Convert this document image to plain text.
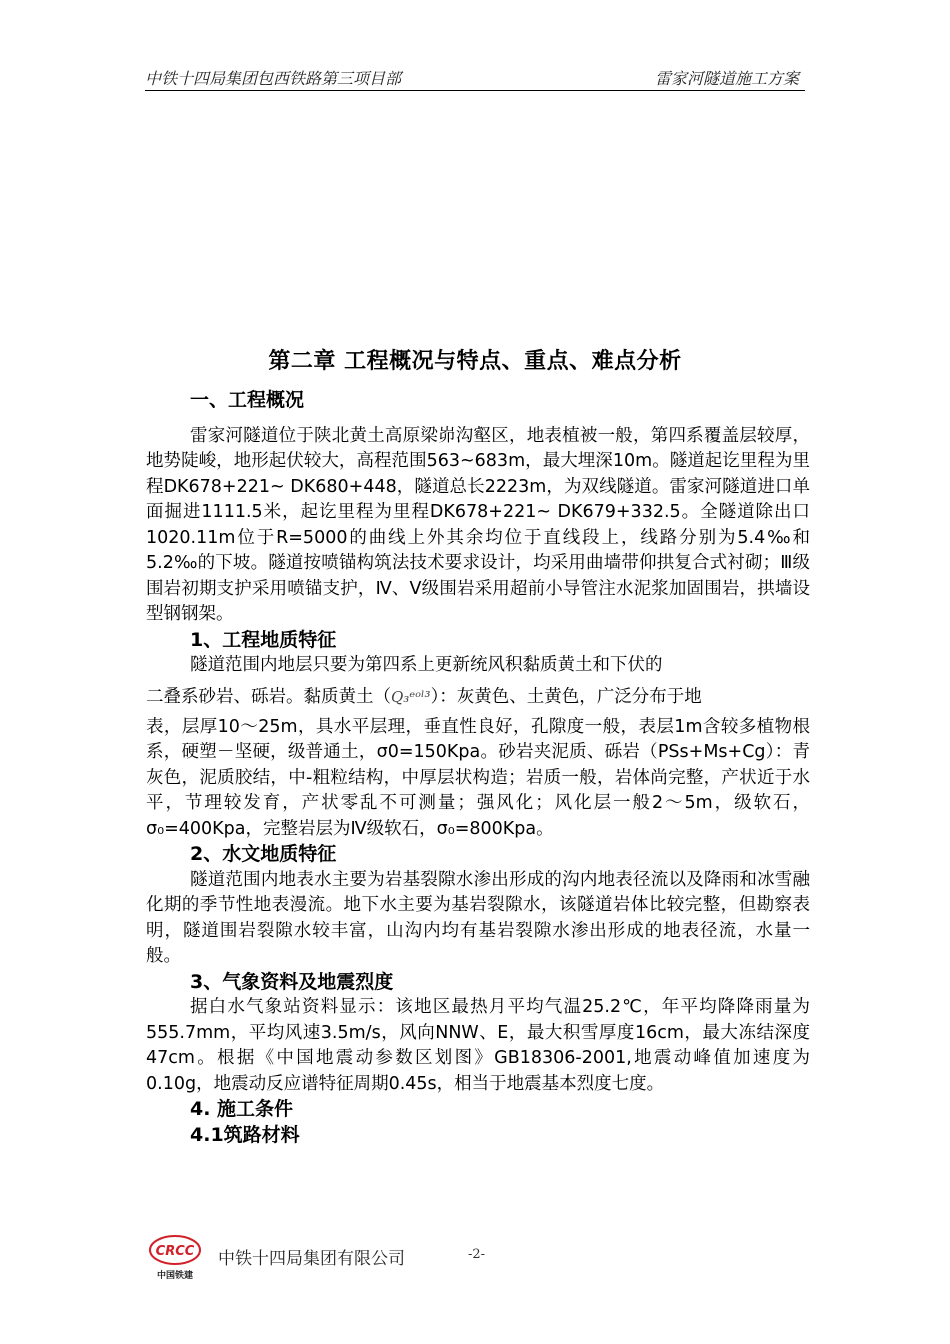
中铁十四局集团包西铁路第三项目部	雷家河隧道施工方案
第二章 工程概况与特点、重点、难点分析
一、工程概况

雷家河隧道位于陕北黄土高原梁峁沟壑区，地表植被一般，第四系覆盖层较厚，地势陡峻，地形起伏较大，高程范围563~683m，最大埋深10m。隧道起讫里程为里程DK678+221~ DK680+448，隧道总长2223m，为双线隧道。雷家河隧道进口单面掘进1111.5米，起讫里程为里程DK678+221~ DK679+332.5。全隧道除出口1020.11m位于R=5000的曲线上外其余均位于直线段上，线路分别为5.4‰和5.2‰的下坡。隧道按喷锚构筑法技术要求设计，均采用曲墙带仰拱复合式衬砌；Ⅲ级围岩初期支护采用喷锚支护，Ⅳ、Ⅴ级围岩采用超前小导管注水泥浆加固围岩，拱墙设型钢钢架。

1、工程地质特征

隧道范围内地层只要为第四系上更新统风积黏质黄土和下伏的

二叠系砂岩、砾岩。黏质黄土（Q₃ᵉᵒˡ³）：灰黄色、土黄色，广泛分布于地

表，层厚10～25m，具水平层理，垂直性良好，孔隙度一般，表层1m含较多植物根系，硬塑－坚硬，级普通土，σ0=150Kpa。砂岩夹泥质、砾岩（PSs+Ms+Cg）：青灰色，泥质胶结，中-粗粒结构，中厚层状构造；岩质一般，岩体尚完整，产状近于水平，节理较发育，产状零乱不可测量；强风化；风化层一般2～5m，级软石，σ₀=400Kpa，完整岩层为Ⅳ级软石，σ₀=800Kpa。

2、水文地质特征

隧道范围内地表水主要为岩基裂隙水渗出形成的沟内地表径流以及降雨和冰雪融化期的季节性地表漫流。地下水主要为基岩裂隙水，该隧道岩体比较完整，但勘察表明，隧道围岩裂隙水较丰富，山沟内均有基岩裂隙水渗出形成的地表径流，水量一般。

3、气象资料及地震烈度

据白水气象站资料显示：该地区最热月平均气温25.2℃，年平均降降雨量为555.7mm，平均风速3.5m/s，风向NNW、E，最大积雪厚度16cm，最大冻结深度47cm。根据《中国地震动参数区划图》GB18306-2001,地震动峰值加速度为0.10g，地震动反应谱特征周期0.45s，相当于地震基本烈度七度。

4. 施工条件
4.1筑路材料
CRCC
中国铁建
中铁十四局集团有限公司	-2-
